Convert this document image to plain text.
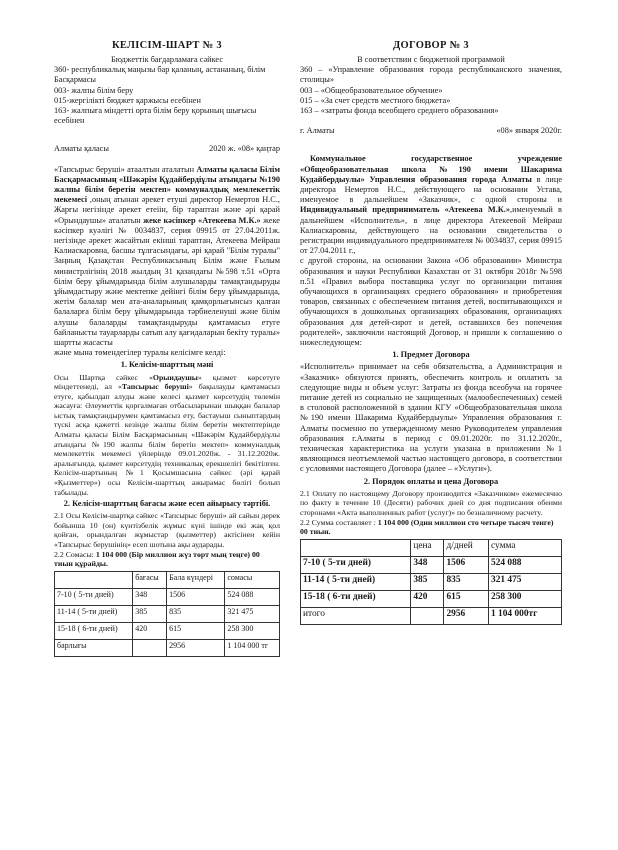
КЕЛІСІМ-ШАРТ № 3
Бюджеттік бағдарламаға сәйкес
360- республикалық маңызы бар қаланың, астананың, білім Басқармасы
003- жалпы білім беру
015-жергілікті бюджет қаржысы есебінен
163- жалпыға міндетті орта білім беру қорының шығысы есебінен
Алматы қаласы	2020 ж. «08» қаңтар
«Тапсырыс беруші» атаалтын аталатын Алматы қаласы Білім Басқармасының «Шәкәрім Құдайбердіұлы атындағы №190 жалпы білім беретін мектеп» коммуналдық мемлекеттік мекемесі ,оның атынан әрекет етуші директор Немертов Н.С., Жарғы негізінде әрекет етеіін, бір тараптан және әрі қарай «Орындаушы» аталатын жеке кәсіпкер «Атекеева М.К.» жеке кәсіпкер куәлігі № 0034837, серия 09915 от 27.04.2011ж. негізінде әрекет жасайтын екінші тараптан, Атекеева Мейраш Калиаскаровна, басшы тұлғасындағы, әрі қарай "Білім туралы" Заңның Қазақстан Республикасының Білім және Ғылым министрлігінің 2018 жылдың 31 қазандағы №598 т.51 «Орта білім беру ұйымдарында білім алушыларды тамақтандыруды ұйымдастыру және мектепке дейінгі білім беру ұйымдарында, жетім балалар мен ата-аналарының қамқорлығынсыз қалған балаларға білім беру ұйымдарында тәрбиеленуші және білім алушы балаларды тамақтандыруды қамтамасыз етуге байланысты тауарларды сатып алу қағидаларын бекіту туралы» шартты жасасты
және мына төмендегілер туралы келісімге келді:
1. Келісім-шарттың мәні
Осы Шартқа сәйкес «Орындаушы» қызмет көрсетуге міндеттенеді, ал «Тапсырыс беруші» бақылауды қамтамасыз етуге, қабылдап алуды және келесі қызмет көрсетудің төлемін жасауға: Әлеуметтік қорғалмаған отбасыларынан шыққан балалар ыстық тамақтандырумен қамтамасыз ету, бастауыш сыныптардың түскі асқа қажетті кезінде жалпы білім беретін мектептерінде Алматы қаласы Білім Басқармасының «Шәкәрім Құдайбердіұлы атындағы №190 жалпы білім беретін мектеп» коммуналдық мемлекеттік мекемесі үйлерінде 09.01.2020ж. - 31.12.2020ж. аралығында, қызмет көрсетудің техникалық ерекшелігі бекітілген. Келісім-шартының №1 Қосымшасына сәйкес (әрі қарай «Қызметтер») осы Келісім-шарттың ажырамас бөлігі болып табылады.
2. Келісім-шарттың бағасы және есеп айырысу тәртібі.
2.1 Осы Келісім-шартқа сәйкес «Тапсырыс беруші» ай сайын дерек бойынша 10 (он) күнтізбелік жұмыс күні ішінде екі жақ қол қойған, орындалған жұмыстар (қызметтер) актісінен кейін «Тапсырыс берушінің» есеп шотына ақы аударады.
2.2 Сомасы: 1 104 000 (Бір миллион жүз төрт мың теңге) 00 тиын құрайды.
	бағасы	Бала күндері	сомасы
7-10 ( 5-ти дней)	348	1506	524 088
11-14 ( 5-ти дней)	385	835	321 475
15-18 ( 6-ти дней)	420	615	258 300
барлығы		2956	1 104 000 тг
ДОГОВОР № 3
В соответствии с бюджетной программой
360 – «Управление образования города республиканского значения, столицы»
003 – «Общеобразовательное обучение»
015 – «За счет средств местного бюджета»
163 – «затраты фонда всеобщего среднего образования»
г. Алматы	«08» января 2020г.
Коммунальное государственное учреждение «Общеобразовательная школа №190 имени Шакарима Кудайбердыулы» Управления образования города Алматы в лице директора Немертов Н.С., действующего на основании Устава, именуемое в дальнейшем «Заказчик», с одной стороны и Индивидуальный предприниматель «Атекеева М.К.»,именуемый в дальнейшем «Исполнитель», в лице директора Атекеевой Мейраш Калиаскаровны, действующего на основании свидетельства о регистрации индивидуального предпринимателя № 0034837, серия 09915 от 27.04.2011 г.,
с другой стороны, на основании Закона «Об образовании» Министра образования и науки Республики Казахстан от 31 октября 2018г №598 п.51 «Правил выбора поставщика услуг по организации питания обучающихся в организациях среднего образования» и приобретения товаров, связанных с обеспечением питания детей, воспитывающихся и обучающихся в дошкольных организациях образования, организациях образования для детей-сирот и детей, оставшихся без попечения родителей», заключили настоящий Договор, и пришли к соглашению о нижеследующем:
1. Предмет Договора
«Исполнитель» принимает на себя обязательства, а Администрация и «Заказчик» обязуются принять, обеспечить контроль и оплатить за следующие виды и объем услуг: Затраты из фонда всеобуча на горячее питание детей из социально не защищенных (малообеспеченных) семей в столовой расположенной в здании КГУ «Общеобразовательная школа №190 имени Шакарима Кудайбердыулы» Управления образования г. Алматы посменно по утвержденному меню Руководителем управления образования г.Алматы в период с 09.01.2020г. по 31.12.2020г., техническая характеристика на услуги указана в приложении №1 являющимся неотъемлемой частью настоящего договора, в соответствии с условиями настоящего Договора (далее – «Услуги»).
2. Порядок оплаты и цена Договора
2.1 Оплату по настоящему Договору производится «Заказчиком» ежемесячно по факту в течение 10 (Десяти) рабочих дней со дня подписания обеими сторонами «Акта выполненных работ (услуг)» по безналичному расчету.
2.2 Сумма составляет : 1 104 000 (Один миллион сто четыре тысяч тенге) 00 тиын.
	цена	д/дней	сумма
7-10 ( 5-ти дней)	348	1506	524 088
11-14 ( 5-ти дней)	385	835	321 475
15-18 ( 6-ти дней)	420	615	258 300
итого		2956	1 104 000тг
